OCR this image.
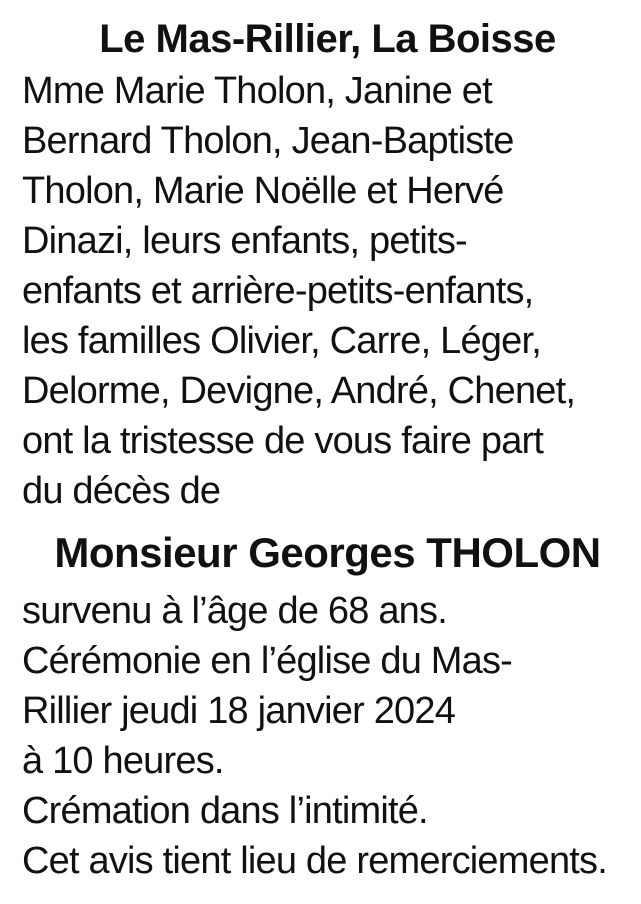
Le Mas-Rillier, La Boisse
Mme Marie Tholon, Janine et
Bernard Tholon, Jean-Baptiste
Tholon, Marie Noëlle et Hervé
Dinazi, leurs enfants, petits-
enfants et arrière-petits-enfants,
les familles Olivier, Carre, Léger,
Delorme, Devigne, André, Chenet,
ont la tristesse de vous faire part
du décès de
Monsieur Georges THOLON
survenu à l’âge de 68 ans.
Cérémonie en l’église du Mas-
Rillier jeudi 18 janvier 2024
à 10 heures.
Crémation dans l’intimité.
Cet avis tient lieu de remerciements.
